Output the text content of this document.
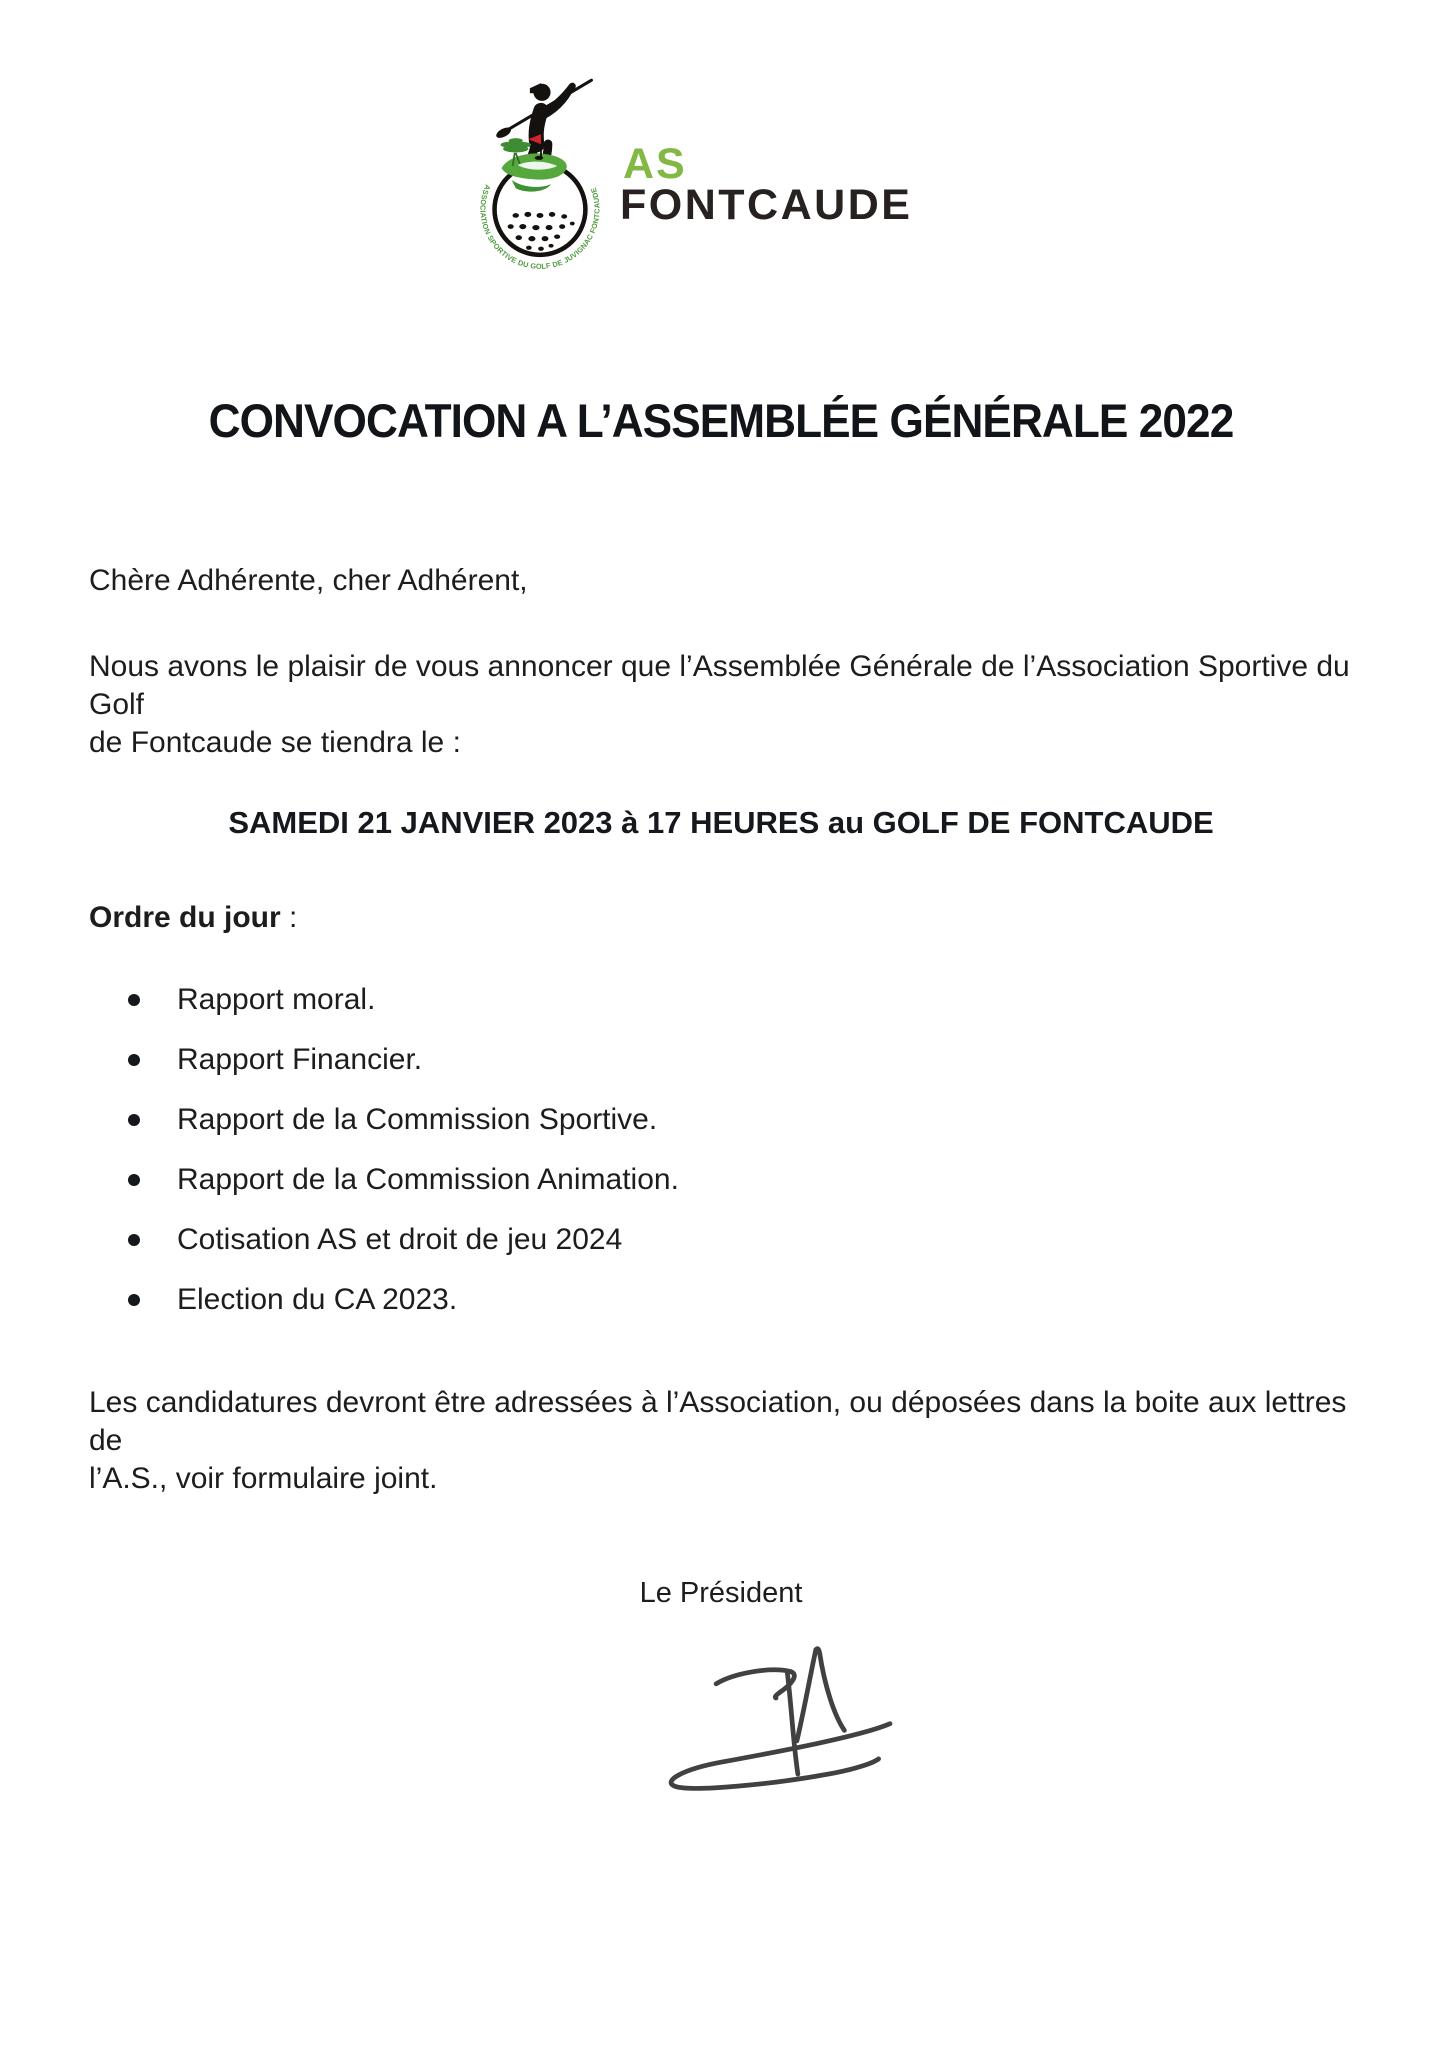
ASSOCIATION SPORTIVE DU GOLF DE JUVIGNAC FONTCAUDE
AS
FONTCAUDE
CONVOCATION A L’ASSEMBLÉE GÉNÉRALE 2022
Chère Adhérente, cher Adhérent,
Nous avons le plaisir de vous annoncer que l’Assemblée Générale de l’Association Sportive du Golf
de Fontcaude se tiendra le :
SAMEDI 21 JANVIER 2023 à 17 HEURES au GOLF DE FONTCAUDE
Ordre du jour :
Rapport moral.
Rapport Financier.
Rapport de la Commission Sportive.
Rapport de la Commission Animation.
Cotisation AS et droit de jeu 2024
Election du CA 2023.
Les candidatures devront être adressées à l’Association, ou déposées dans la boite aux lettres de
l’A.S., voir formulaire joint.
Le Président
